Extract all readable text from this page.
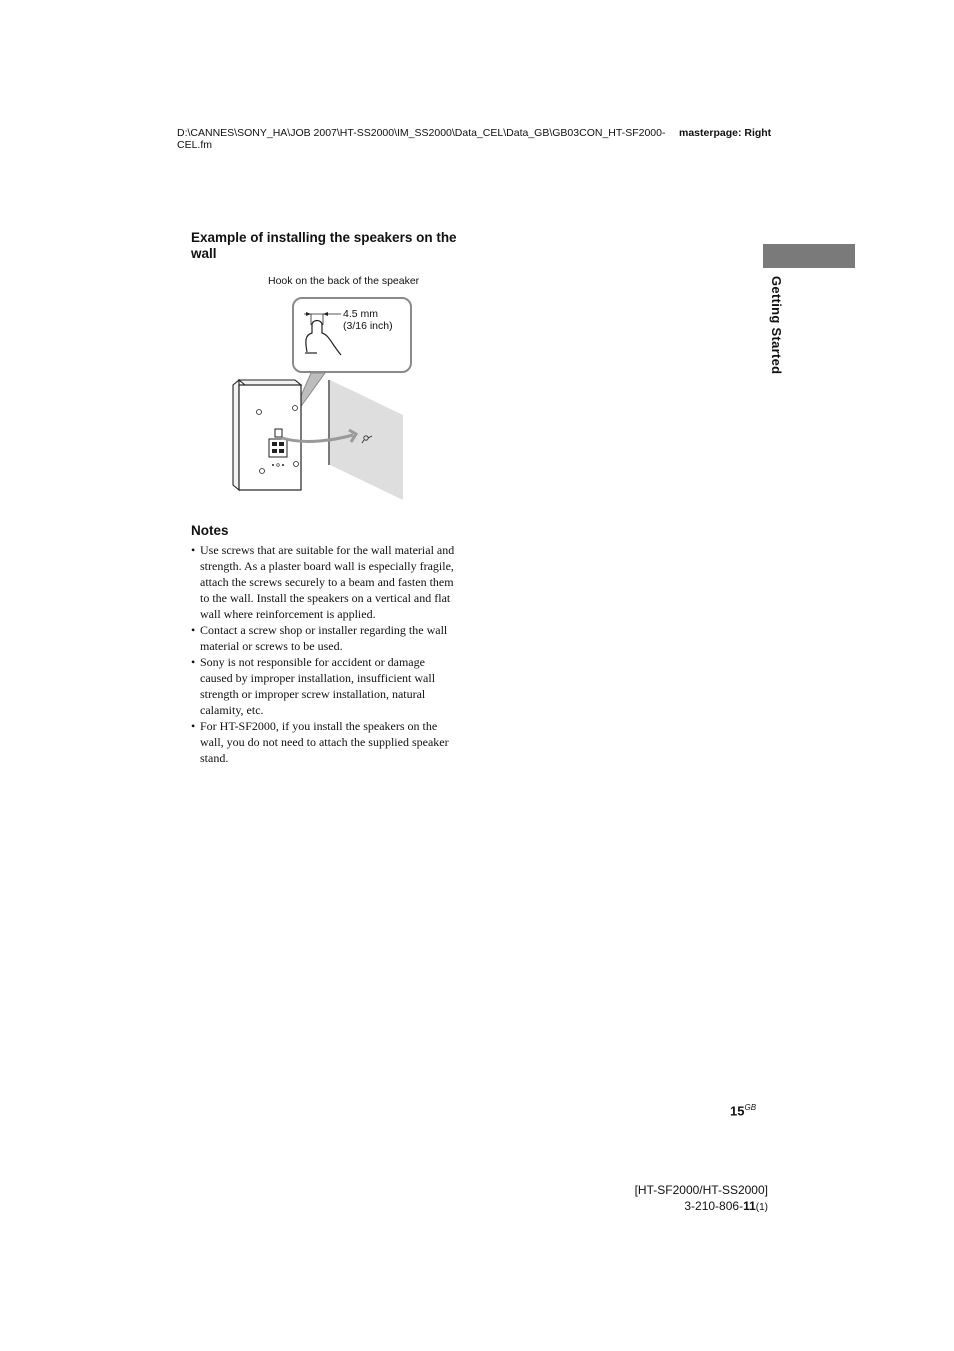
D:\CANNES\SONY_HA\JOB 2007\HT-SS2000\IM_SS2000\Data_CEL\Data_GB\GB03CON_HT-SF2000-CEL.fm
masterpage: Right
Getting Started
Example of installing the speakers on the wall
Hook on the back of the speaker
4.5 mm
(3/16 inch)
Notes
• Use screws that are suitable for the wall material and strength. As a plaster board wall is especially fragile, attach the screws securely to a beam and fasten them to the wall. Install the speakers on a vertical and flat wall where reinforcement is applied.
• Contact a screw shop or installer regarding the wall material or screws to be used.
• Sony is not responsible for accident or damage caused by improper installation, insufficient wall strength or improper screw installation, natural calamity, etc.
• For HT-SF2000, if you install the speakers on the wall, you do not need to attach the supplied speaker stand.
$15^{GB}$
[HT-SF2000/HT-SS2000]
3-210-806-11(1)
